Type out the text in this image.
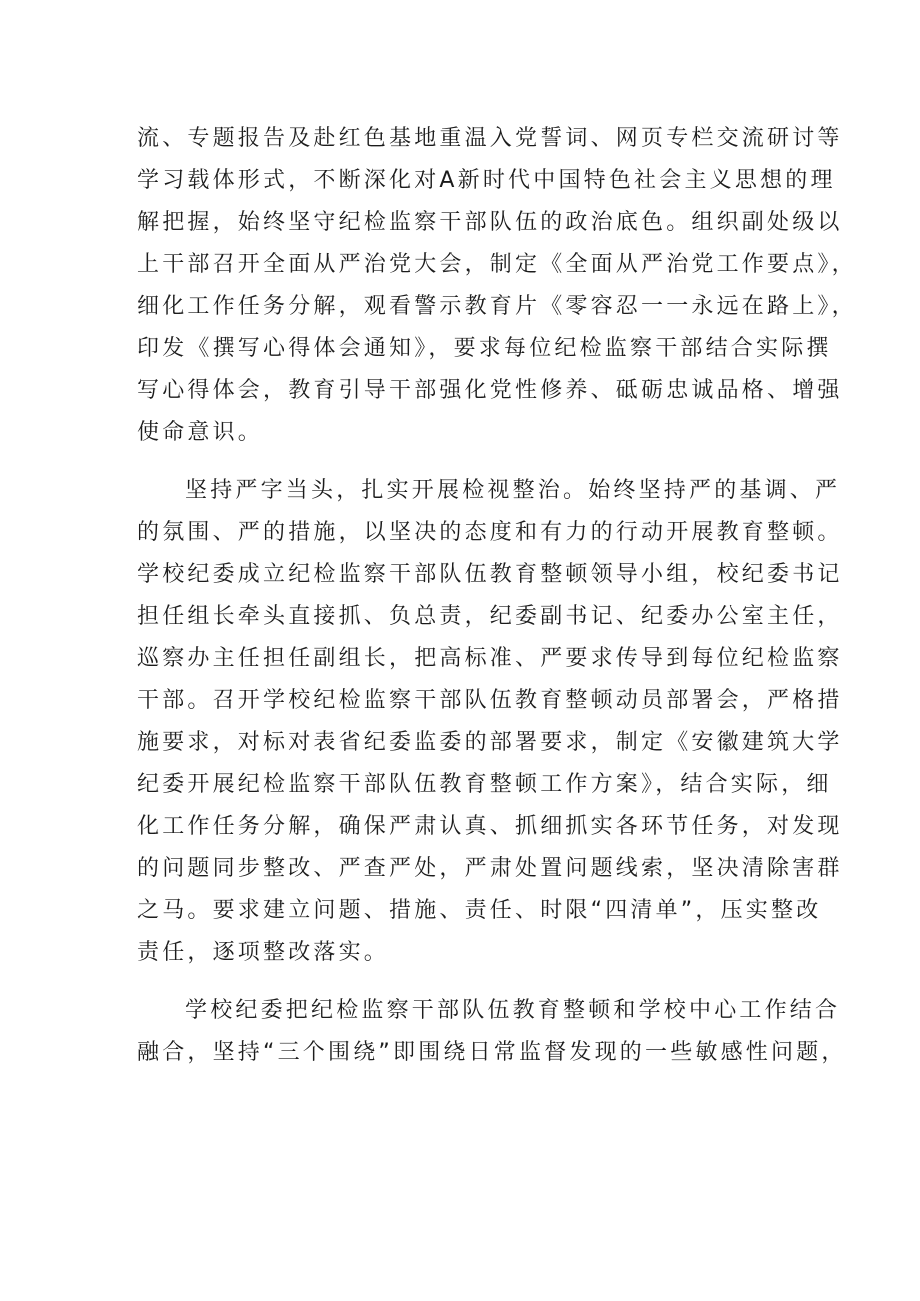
流、专题报告及赴红色基地重温入党誓词、网页专栏交流研讨等
学习载体形式，不断深化对A新时代中国特色社会主义思想的理
解把握，始终坚守纪检监察干部队伍的政治底色。组织副处级以
上干部召开全面从严治党大会，制定《全面从严治党工作要点》，
细化工作任务分解，观看警示教育片《零容忍一一永远在路上》，
印发《撰写心得体会通知》，要求每位纪检监察干部结合实际撰
写心得体会，教育引导干部强化党性修养、砥砺忠诚品格、增强
使命意识。
坚持严字当头，扎实开展检视整治。始终坚持严的基调、严
的氛围、严的措施，以坚决的态度和有力的行动开展教育整顿。
学校纪委成立纪检监察干部队伍教育整顿领导小组，校纪委书记
担任组长牵头直接抓、负总责，纪委副书记、纪委办公室主任，
巡察办主任担任副组长，把高标准、严要求传导到每位纪检监察
干部。召开学校纪检监察干部队伍教育整顿动员部署会，严格措
施要求，对标对表省纪委监委的部署要求，制定《安徽建筑大学
纪委开展纪检监察干部队伍教育整顿工作方案》，结合实际，细
化工作任务分解，确保严肃认真、抓细抓实各环节任务，对发现
的问题同步整改、严查严处，严肃处置问题线索，坚决清除害群
之马。要求建立问题、措施、责任、时限“四清单”，压实整改
责任，逐项整改落实。
学校纪委把纪检监察干部队伍教育整顿和学校中心工作结合
融合，坚持“三个围绕”即围绕日常监督发现的一些敏感性问题，
